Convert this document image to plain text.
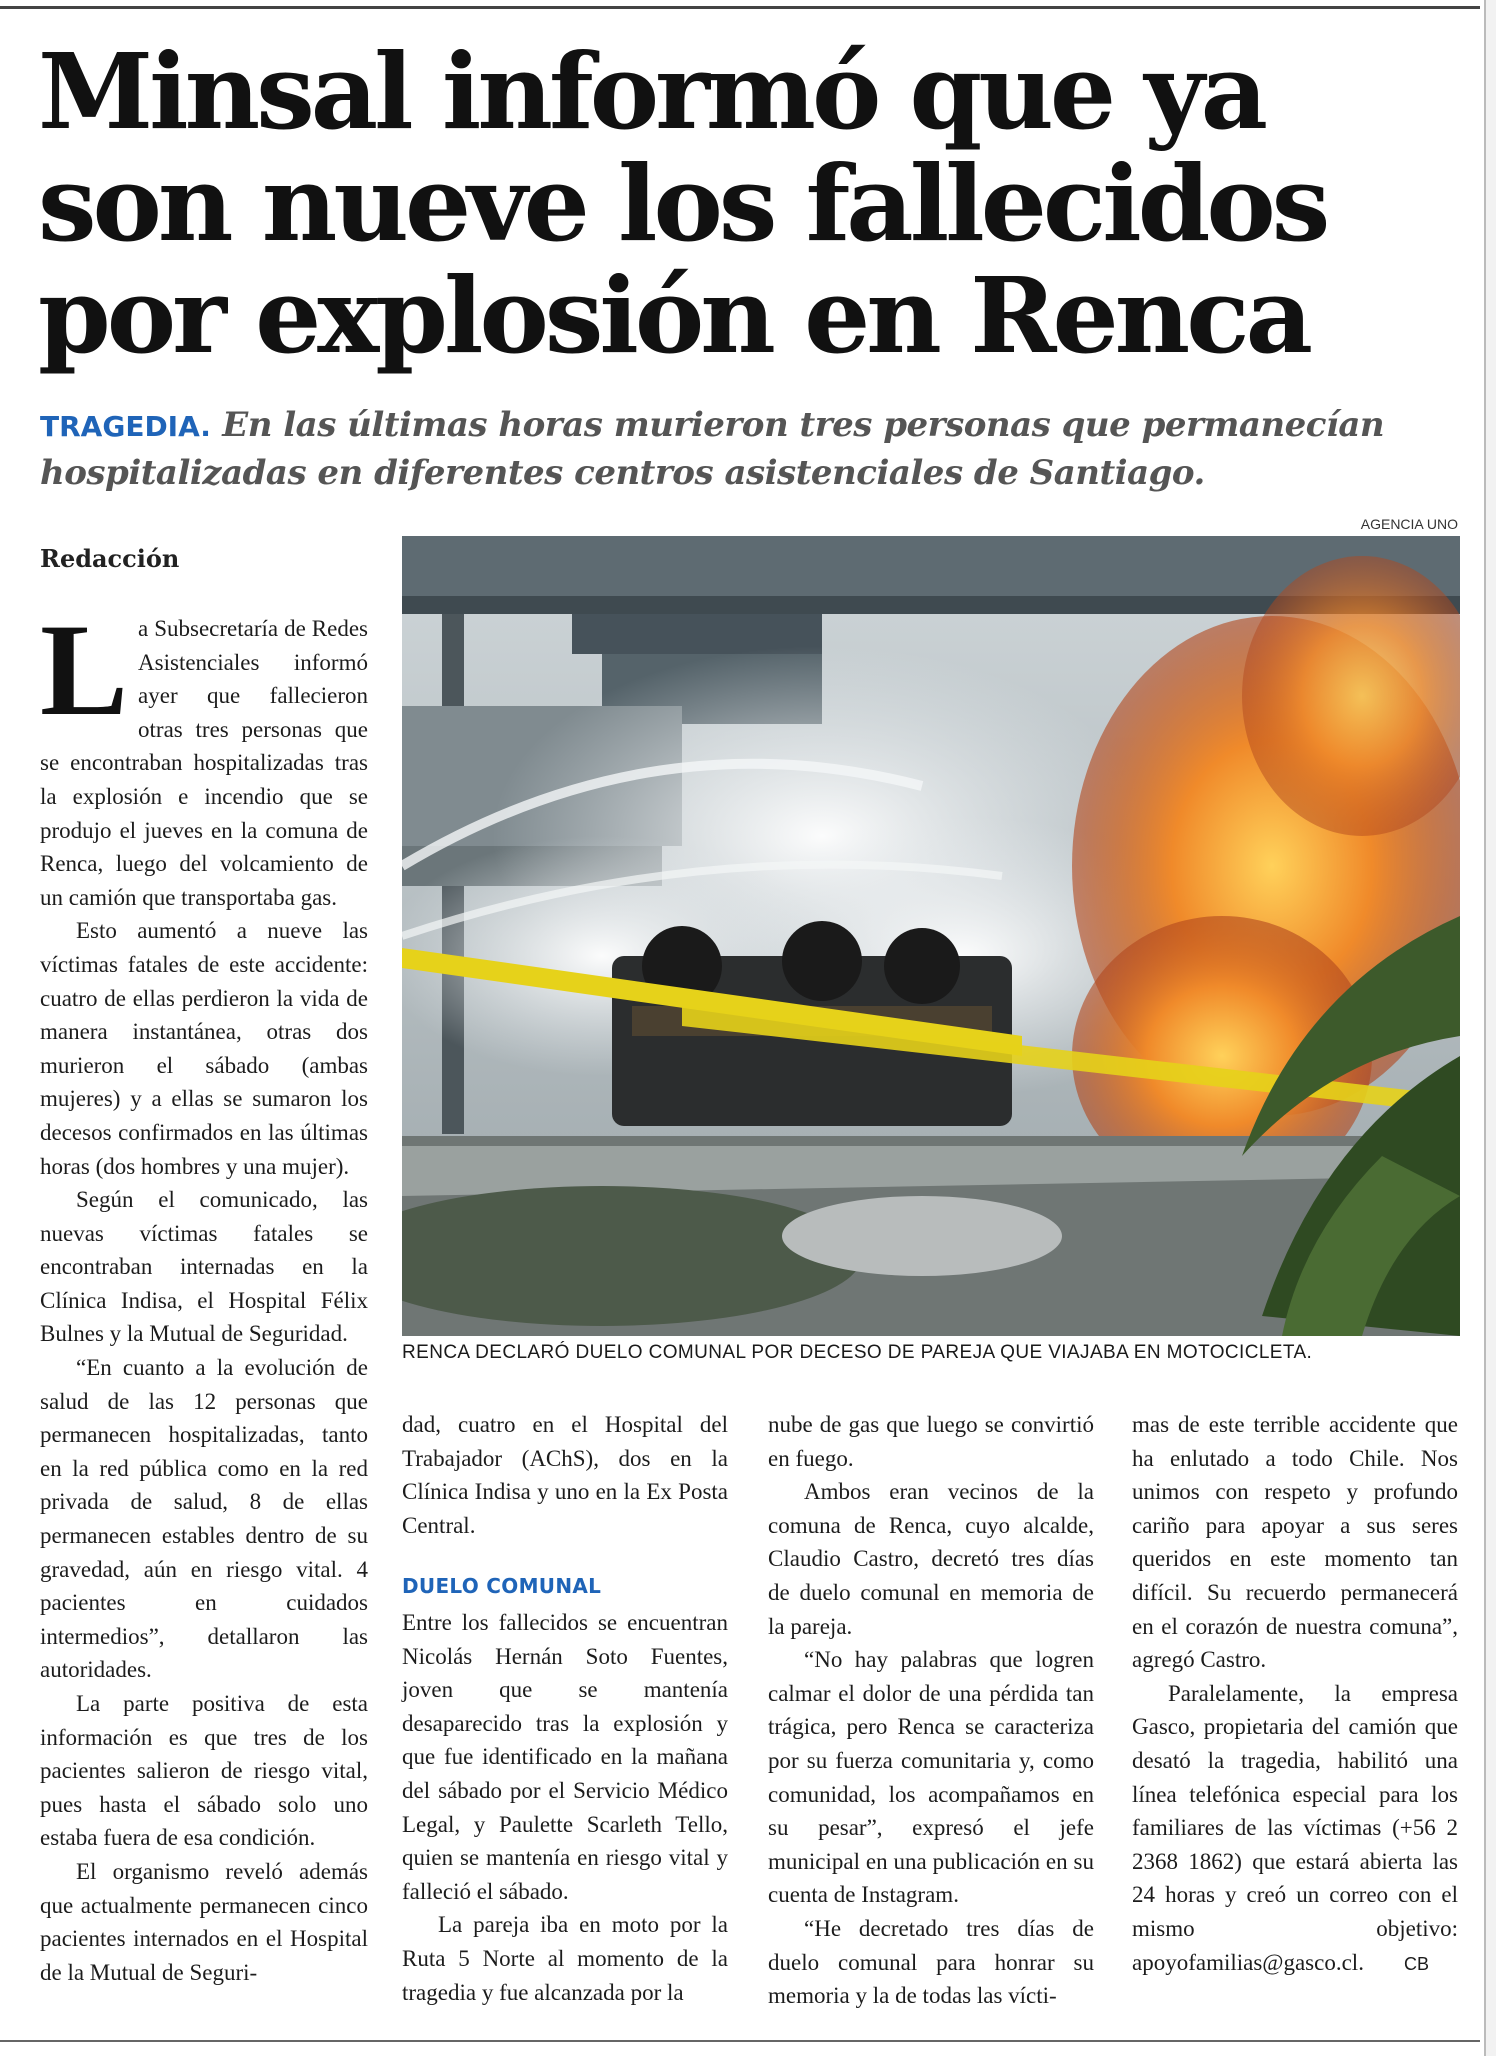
Minsal informó que ya son nueve los fallecidos por explosión en Renca
TRAGEDIA. En las últimas horas murieron tres personas que permanecían hospitalizadas en diferentes centros asistenciales de Santiago.
Redacción
AGENCIA UNO
RENCA DECLARÓ DUELO COMUNAL POR DECESO DE PAREJA QUE VIAJABA EN MOTOCICLETA.

La Subsecretaría de Redes Asistenciales informó ayer que fallecieron otras tres personas que se encontraban hospitalizadas tras la explosión e incendio que se produjo el jueves en la comuna de Renca, luego del volcamiento de un camión que transportaba gas.

Esto aumentó a nueve las víctimas fatales de este accidente: cuatro de ellas perdieron la vida de manera instantánea, otras dos murieron el sábado (ambas mujeres) y a ellas se sumaron los decesos confirmados en las últimas horas (dos hombres y una mujer).

Según el comunicado, las nuevas víctimas fatales se encontraban internadas en la Clínica Indisa, el Hospital Félix Bulnes y la Mutual de Seguridad.

“En cuanto a la evolución de salud de las 12 personas que permanecen hospitalizadas, tanto en la red pública como en la red privada de salud, 8 de ellas permanecen estables dentro de su gravedad, aún en riesgo vital. 4 pacientes en cuidados intermedios”, detallaron las autoridades.

La parte positiva de esta información es que tres de los pacientes salieron de riesgo vital, pues hasta el sábado solo uno estaba fuera de esa condición.

El organismo reveló además que actualmente permanecen cinco pacientes internados en el Hospital de la Mutual de Seguri-

dad, cuatro en el Hospital del Trabajador (AChS), dos en la Clínica Indisa y uno en la Ex Posta Central.

DUELO COMUNAL

Entre los fallecidos se encuentran Nicolás Hernán Soto Fuentes, joven que se mantenía desaparecido tras la explosión y que fue identificado en la mañana del sábado por el Servicio Médico Legal, y Paulette Scarleth Tello, quien se mantenía en riesgo vital y falleció el sábado.

La pareja iba en moto por la Ruta 5 Norte al momento de la tragedia y fue alcanzada por la

nube de gas que luego se convirtió en fuego.

Ambos eran vecinos de la comuna de Renca, cuyo alcalde, Claudio Castro, decretó tres días de duelo comunal en memoria de la pareja.

“No hay palabras que logren calmar el dolor de una pérdida tan trágica, pero Renca se caracteriza por su fuerza comunitaria y, como comunidad, los acompañamos en su pesar”, expresó el jefe municipal en una publicación en su cuenta de Instagram.

“He decretado tres días de duelo comunal para honrar su memoria y la de todas las vícti-

mas de este terrible accidente que ha enlutado a todo Chile. Nos unimos con respeto y profundo cariño para apoyar a sus seres queridos en este momento tan difícil. Su recuerdo permanecerá en el corazón de nuestra comuna”, agregó Castro.

Paralelamente, la empresa Gasco, propietaria del camión que desató la tragedia, habilitó una línea telefónica especial para los familiares de las víctimas (+56 2 2368 1862) que estará abierta las 24 horas y creó un correo con el mismo objetivo: apoyofamilias@gasco.cl. CB
